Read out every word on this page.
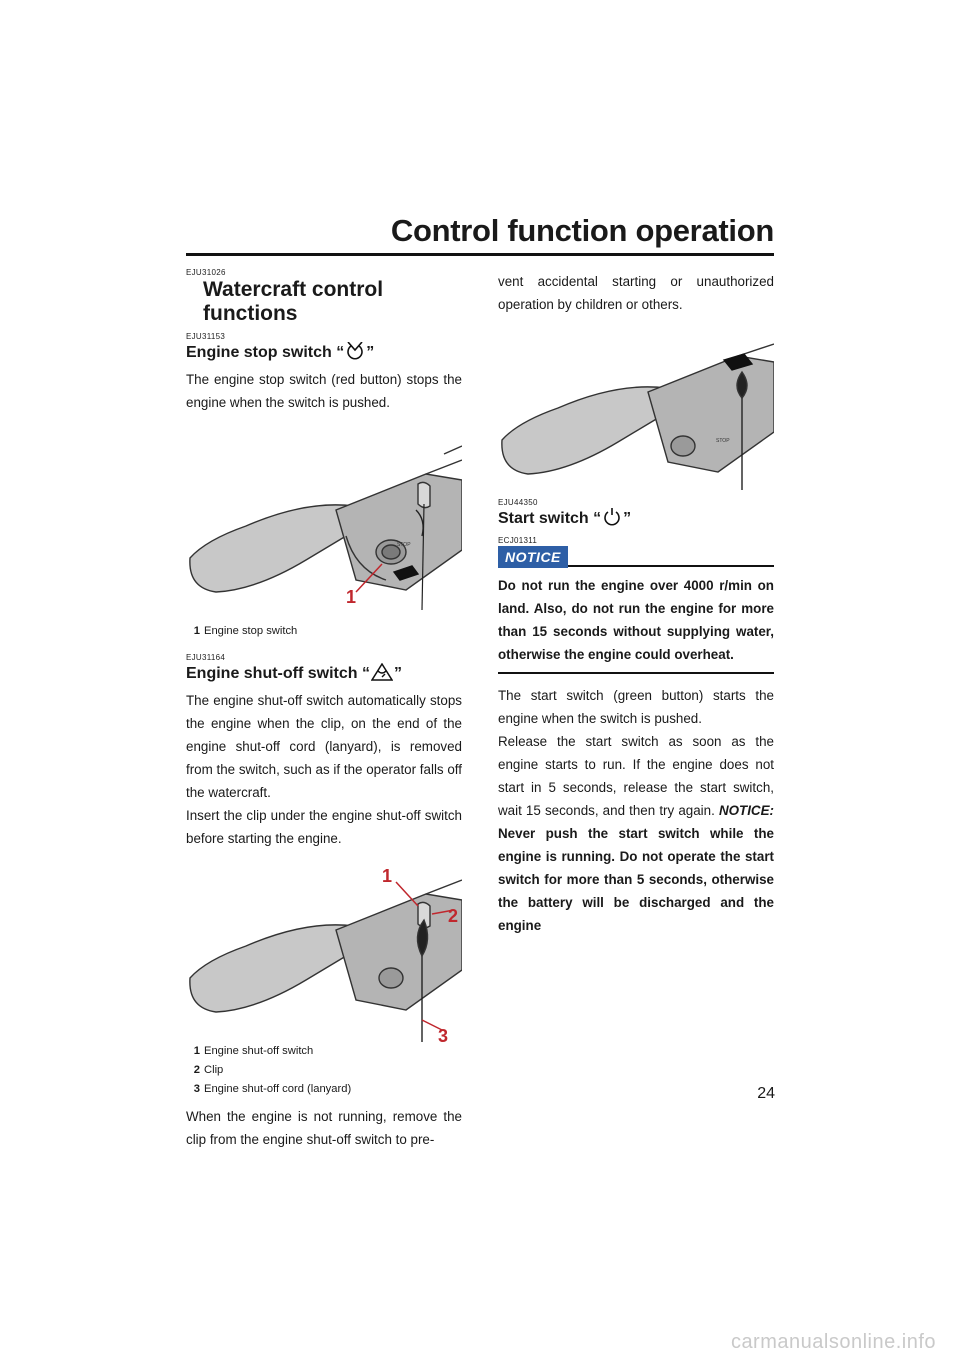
Control function operation
EJU31026
Watercraft control functions
EJU31153
Engine stop switch “ ”

The engine stop switch (red button) stops the engine when the switch is pushed.

STOP
1
1 Engine stop switch
EJU31164
Engine shut-off switch “ ”

The engine shut-off switch automatically stops the engine when the clip, on the end of the engine shut-off cord (lanyard), is removed from the switch, such as if the operator falls off the watercraft.

Insert the clip under the engine shut-off switch before starting the engine.

1
2
3
1 Engine shut-off switch
2 Clip
3 Engine shut-off cord (lanyard)

When the engine is not running, remove the clip from the engine shut-off switch to pre-

vent accidental starting or unauthorized operation by children or others.

STOP
EJU44350
Start switch “ ”
ECJ01311
NOTICE

Do not run the engine over 4000 r/min on land. Also, do not run the engine for more than 15 seconds without supplying water, otherwise the engine could overheat.

The start switch (green button) starts the engine when the switch is pushed.

Release the start switch as soon as the engine starts to run. If the engine does not start in 5 seconds, release the start switch, wait 15 seconds, and then try again. NOTICE: Never push the start switch while the engine is running. Do not operate the start switch for more than 5 seconds, otherwise the battery will be discharged and the engine

24
carmanualsonline.info
